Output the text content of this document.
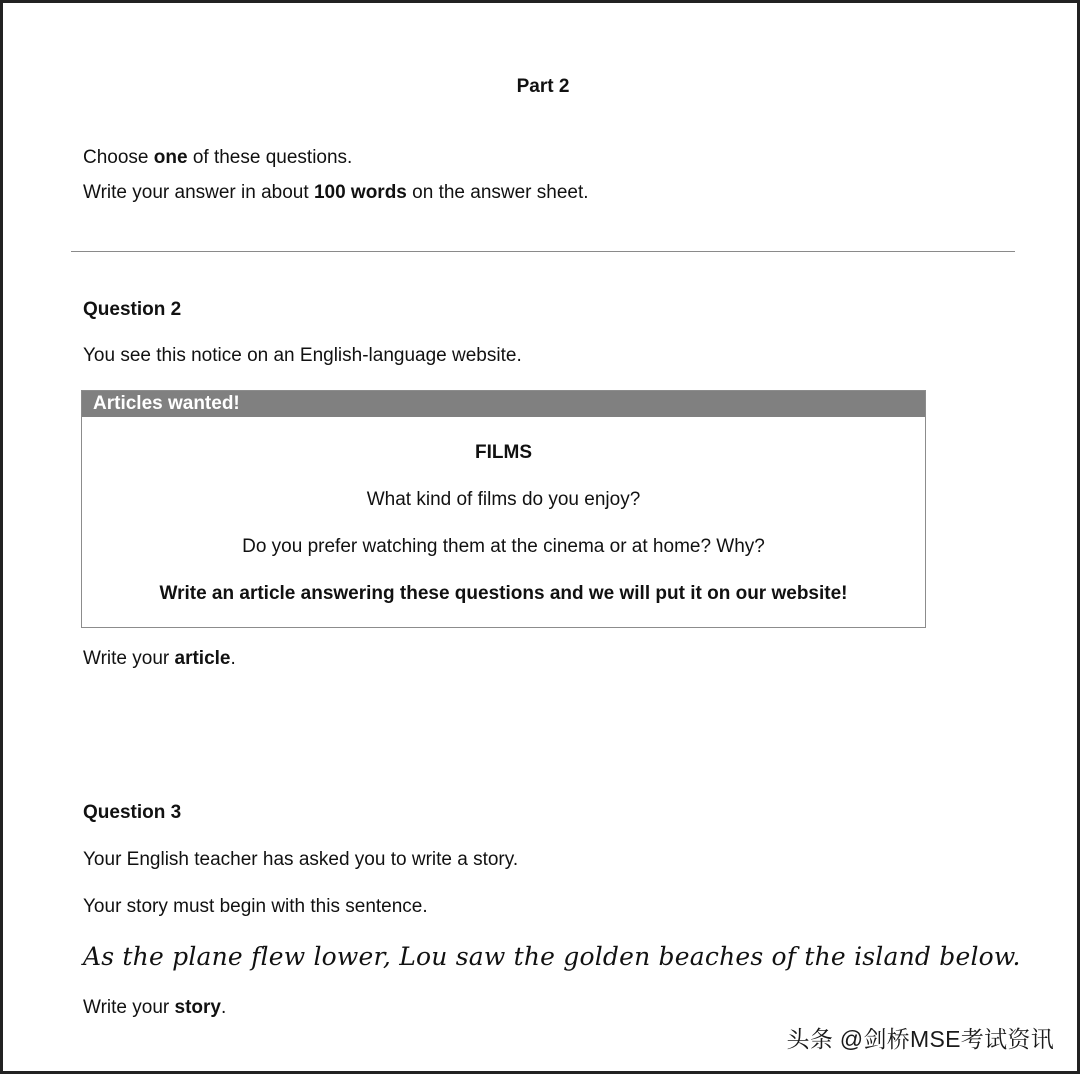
Part 2
Choose one of these questions.
Write your answer in about 100 words on the answer sheet.
Question 2
You see this notice on an English-language website.
Articles wanted!
FILMS
What kind of films do you enjoy?
Do you prefer watching them at the cinema or at home? Why?
Write an article answering these questions and we will put it on our website!
Write your article.
Question 3
Your English teacher has asked you to write a story.
Your story must begin with this sentence.
As the plane flew lower, Lou saw the golden beaches of the island below.
Write your story.
头条 @剑桥MSE考试资讯
